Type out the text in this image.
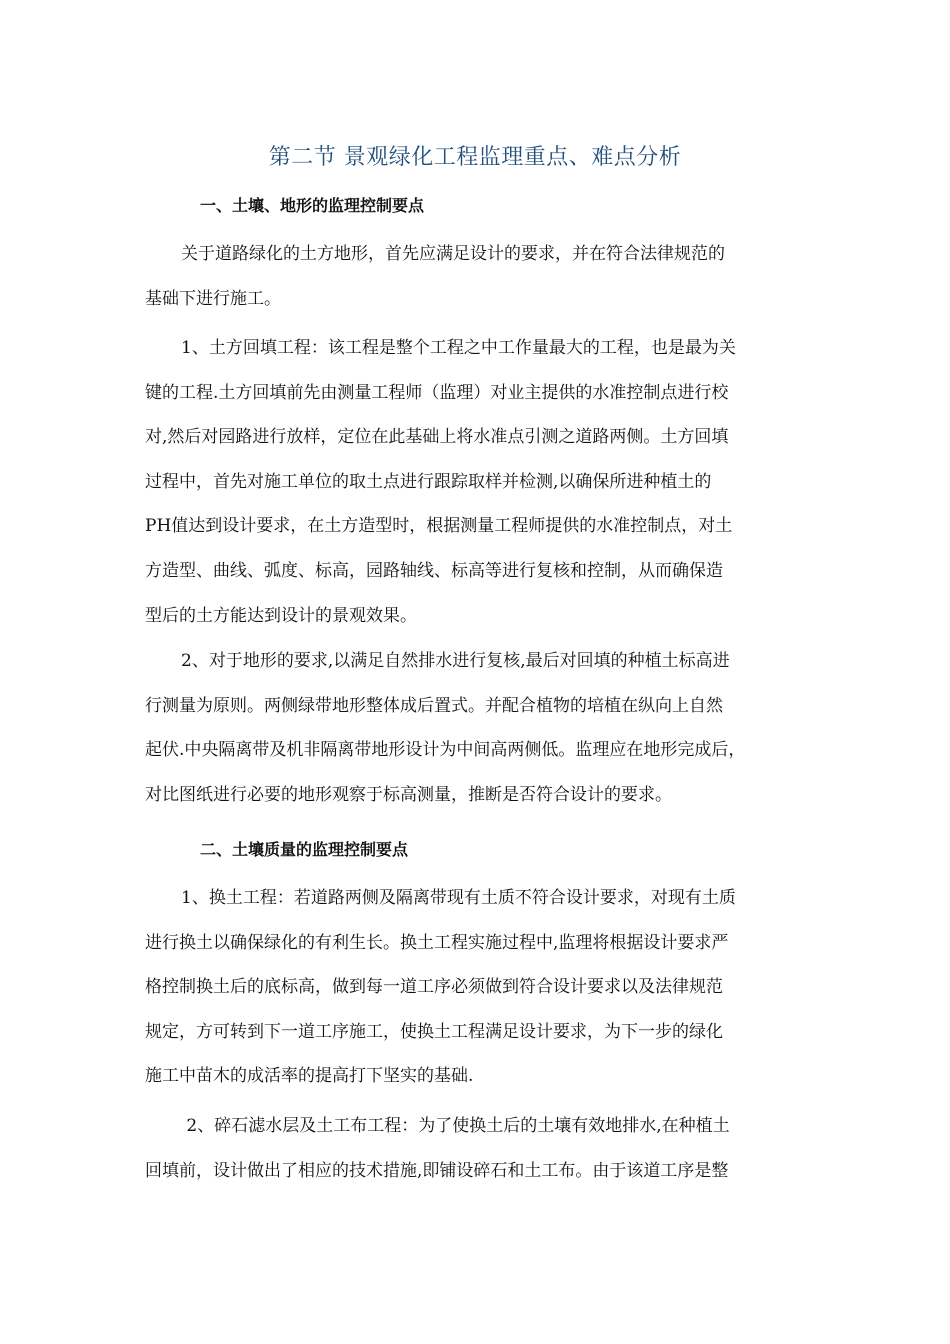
第二节 景观绿化工程监理重点、难点分析
一、土壤、地形的监理控制要点
关于道路绿化的土方地形，首先应满足设计的要求，并在符合法律规范的
基础下进行施工。
1、土方回填工程：该工程是整个工程之中工作量最大的工程，也是最为关
键的工程.土方回填前先由测量工程师（监理）对业主提供的水准控制点进行校
对,然后对园路进行放样，定位在此基础上将水准点引测之道路两侧。土方回填
过程中，首先对施工单位的取土点进行跟踪取样并检测,以确保所进种植土的
PH值达到设计要求，在土方造型时，根据测量工程师提供的水准控制点，对土
方造型、曲线、弧度、标高，园路轴线、标高等进行复核和控制，从而确保造
型后的土方能达到设计的景观效果。
2、对于地形的要求,以满足自然排水进行复核,最后对回填的种植土标高进
行测量为原则。两侧绿带地形整体成后置式。并配合植物的培植在纵向上自然
起伏.中央隔离带及机非隔离带地形设计为中间高两侧低。监理应在地形完成后，
对比图纸进行必要的地形观察于标高测量，推断是否符合设计的要求。
二、土壤质量的监理控制要点
1、换土工程：若道路两侧及隔离带现有土质不符合设计要求，对现有土质
进行换土以确保绿化的有利生长。换土工程实施过程中,监理将根据设计要求严
格控制换土后的底标高，做到每一道工序必须做到符合设计要求以及法律规范
规定，方可转到下一道工序施工，使换土工程满足设计要求，为下一步的绿化
施工中苗木的成活率的提高打下坚实的基础.
2、碎石滤水层及土工布工程：为了使换土后的土壤有效地排水,在种植土
回填前，设计做出了相应的技术措施,即铺设碎石和土工布。由于该道工序是整
